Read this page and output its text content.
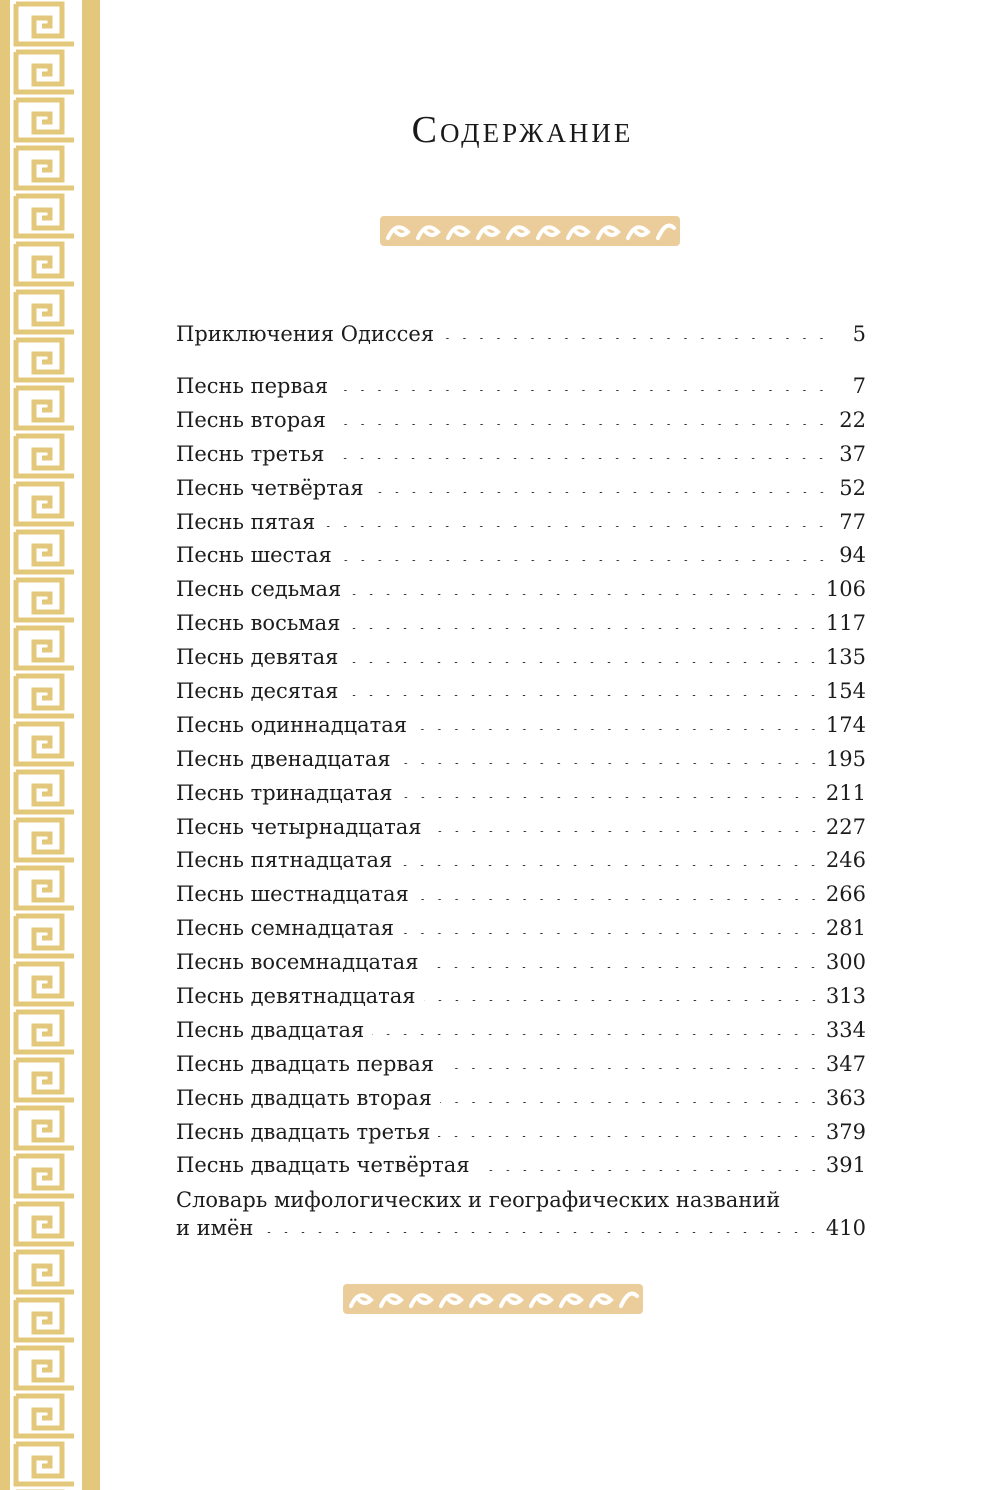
Содержание
Приключения Одиссея	5
Песнь первая	7
Песнь вторая	22
Песнь третья	37
Песнь четвёртая	52
Песнь пятая	77
Песнь шестая	94
Песнь седьмая	106
Песнь восьмая	117
Песнь девятая	135
Песнь десятая	154
Песнь одиннадцатая	174
Песнь двенадцатая	195
Песнь тринадцатая	211
Песнь четырнадцатая	227
Песнь пятнадцатая	246
Песнь шестнадцатая	266
Песнь семнадцатая	281
Песнь восемнадцатая	300
Песнь девятнадцатая	313
Песнь двадцатая	334
Песнь двадцать первая	347
Песнь двадцать вторая	363
Песнь двадцать третья	379
Песнь двадцать четвёртая	391
Словарь мифологических и географических названий
и имён	410
